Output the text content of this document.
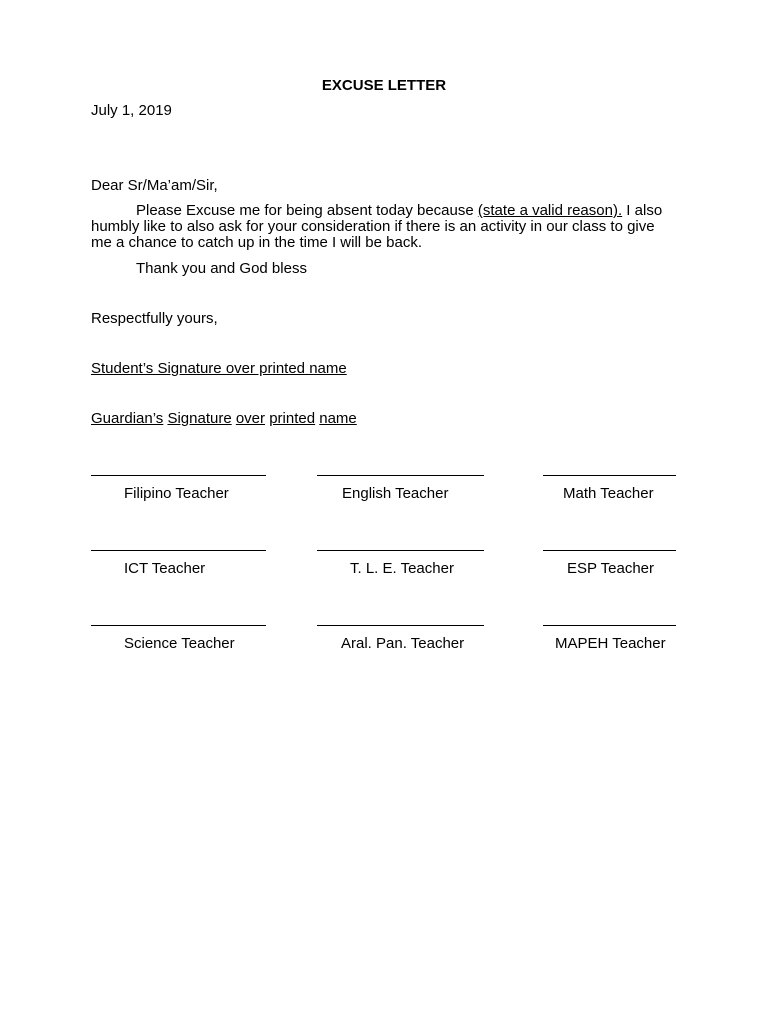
EXCUSE LETTER
July 1, 2019
Dear Sr/Ma’am/Sir,
Please Excuse me for being absent today because (state a valid reason). I also humbly like to also ask for your consideration if there is an activity in our class to give me a chance to catch up in the time I will be back.
Thank you and God bless
Respectfully yours,
Student’s Signature over printed name
Guardian’s Signature over printed name
Filipino Teacher	English Teacher	Math Teacher
ICT Teacher	T. L. E. Teacher	ESP Teacher
Science Teacher	Aral. Pan. Teacher	MAPEH Teacher
